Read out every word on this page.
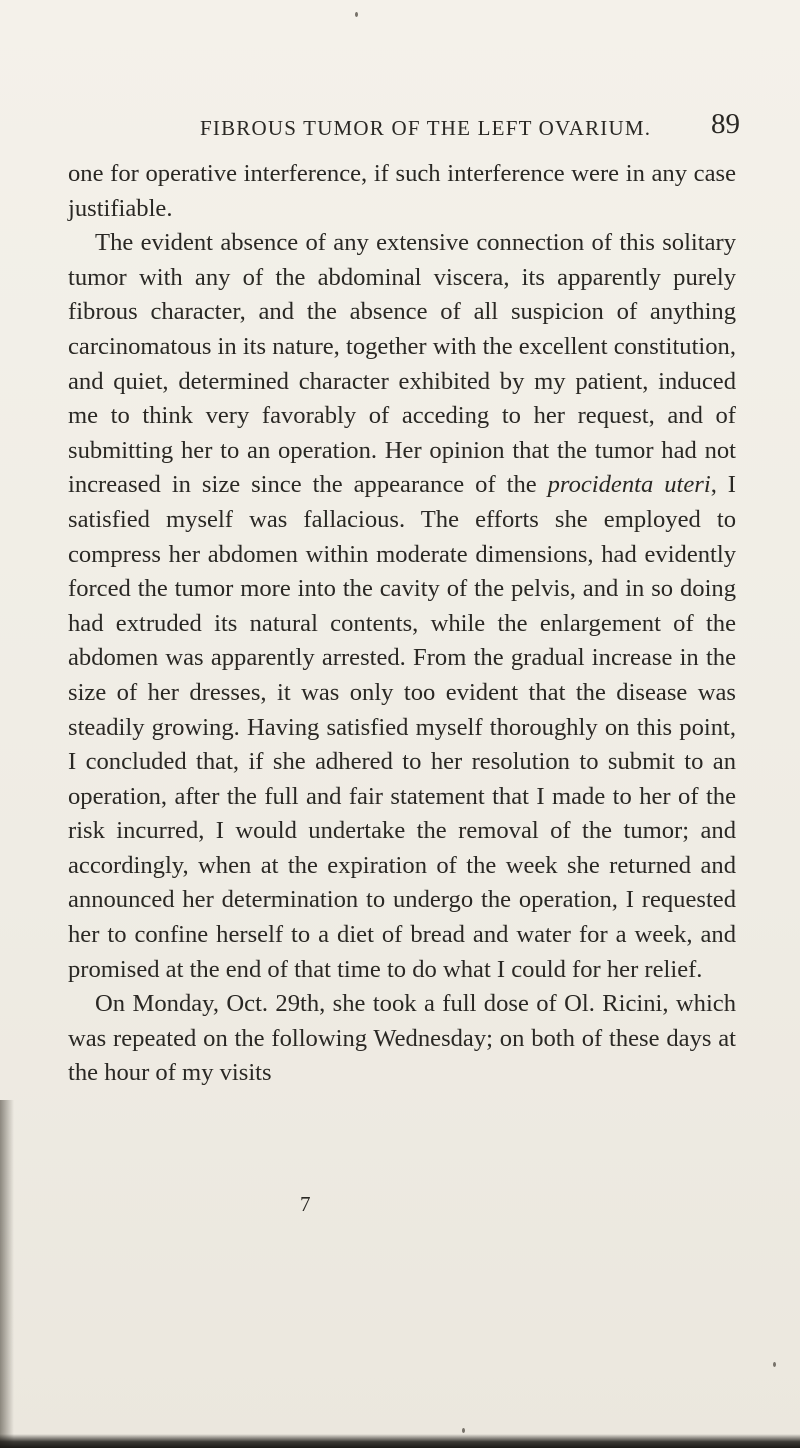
FIBROUS TUMOR OF THE LEFT OVARIUM. 89

one for operative interference, if such interference were in any case justifiable.

The evident absence of any extensive connection of this solitary tumor with any of the abdominal viscera, its apparently purely fibrous character, and the absence of all suspicion of anything carcinomatous in its nature, together with the excellent constitution, and quiet, determined character exhibited by my patient, induced me to think very favorably of acceding to her request, and of submitting her to an operation. Her opinion that the tumor had not increased in size since the appearance of the procidenta uteri, I satisfied myself was fallacious. The efforts she employed to compress her abdomen within moderate dimensions, had evidently forced the tumor more into the cavity of the pelvis, and in so doing had extruded its natural contents, while the enlargement of the abdomen was apparently arrested. From the gradual increase in the size of her dresses, it was only too evident that the disease was steadily growing. Having satisfied myself thoroughly on this point, I concluded that, if she adhered to her resolution to submit to an operation, after the full and fair statement that I made to her of the risk incurred, I would undertake the removal of the tumor; and accordingly, when at the expiration of the week she returned and announced her determination to undergo the operation, I requested her to confine herself to a diet of bread and water for a week, and promised at the end of that time to do what I could for her relief.

On Monday, Oct. 29th, she took a full dose of Ol. Ricini, which was repeated on the following Wednesday; on both of these days at the hour of my visits

7
